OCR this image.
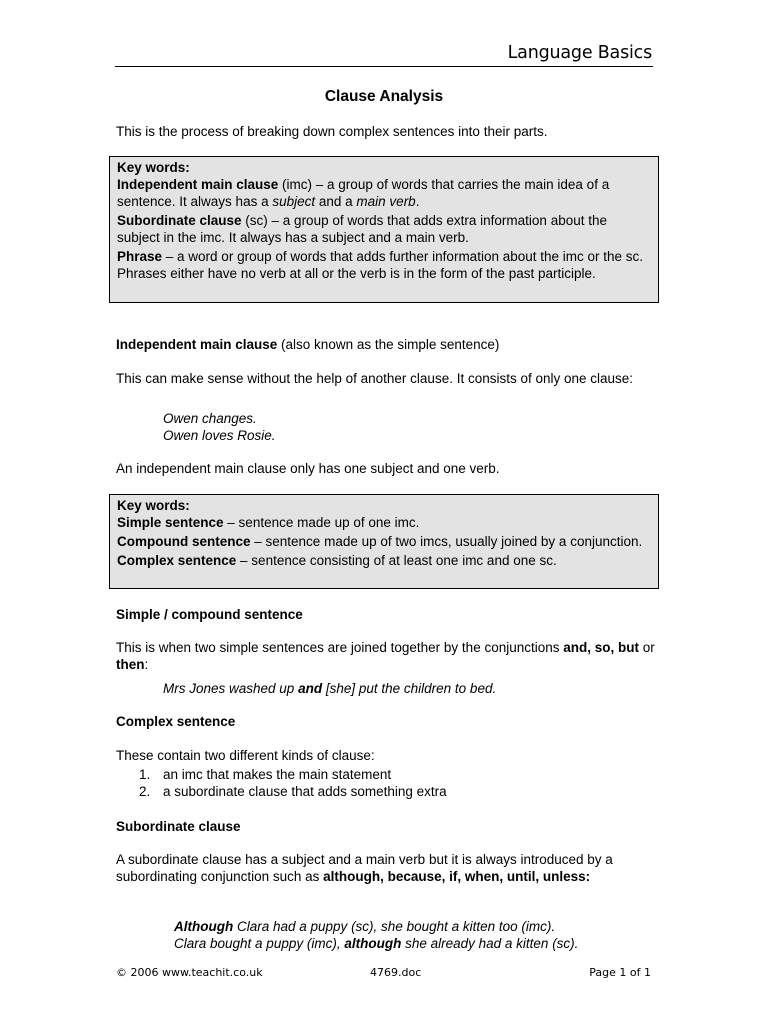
Language Basics
Clause Analysis
This is the process of breaking down complex sentences into their parts.
Key words:
Independent main clause (imc) – a group of words that carries the main idea of a sentence. It always has a subject and a main verb.
Subordinate clause (sc) – a group of words that adds extra information about the subject in the imc. It always has a subject and a main verb.
Phrase – a word or group of words that adds further information about the imc or the sc. Phrases either have no verb at all or the verb is in the form of the past participle.
Independent main clause (also known as the simple sentence)
This can make sense without the help of another clause. It consists of only one clause:
Owen changes.
Owen loves Rosie.
An independent main clause only has one subject and one verb.
Key words:
Simple sentence – sentence made up of one imc.
Compound sentence – sentence made up of two imcs, usually joined by a conjunction.
Complex sentence – sentence consisting of at least one imc and one sc.
Simple / compound sentence
This is when two simple sentences are joined together by the conjunctions and, so, but or then:
Mrs Jones washed up and [she] put the children to bed.
Complex sentence
These contain two different kinds of clause:
1. an imc that makes the main statement
2. a subordinate clause that adds something extra
Subordinate clause
A subordinate clause has a subject and a main verb but it is always introduced by a subordinating conjunction such as although, because, if, when, until, unless:
Although Clara had a puppy (sc), she bought a kitten too (imc).
Clara bought a puppy (imc), although she already had a kitten (sc).
© 2006 www.teachit.co.uk	4769.doc	Page 1 of 1
